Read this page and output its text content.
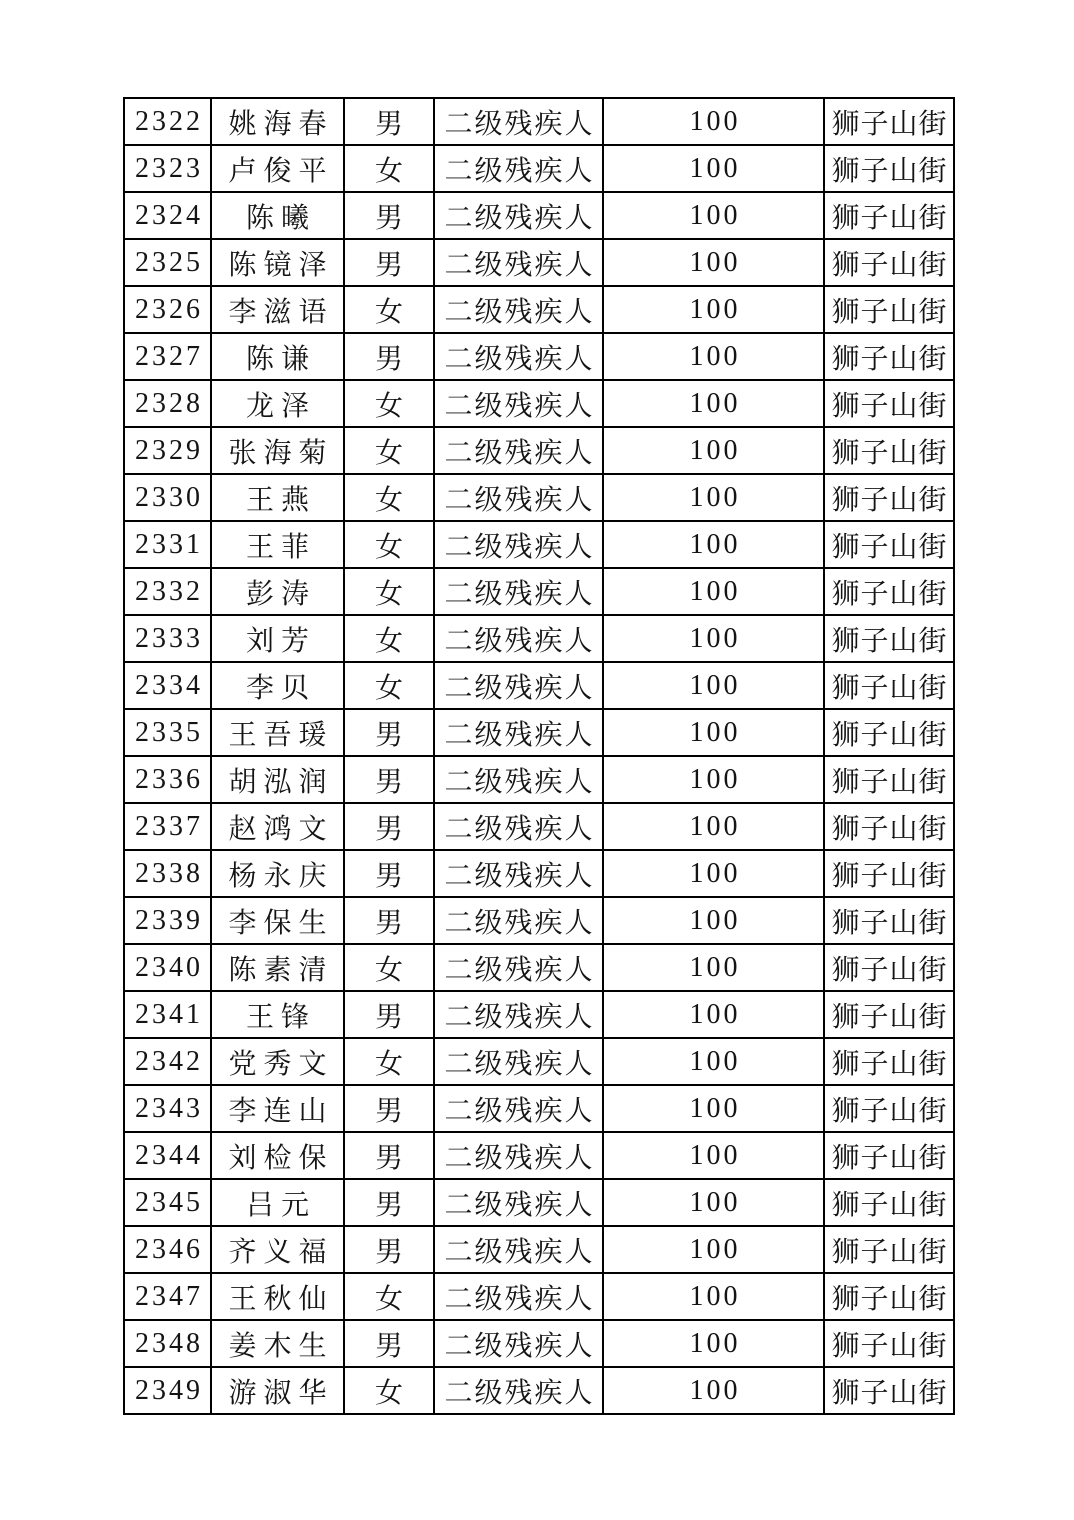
2322	姚海春	男	二级残疾人	100	狮子山街
2323	卢俊平	女	二级残疾人	100	狮子山街
2324	陈曦	男	二级残疾人	100	狮子山街
2325	陈镜泽	男	二级残疾人	100	狮子山街
2326	李滋语	女	二级残疾人	100	狮子山街
2327	陈谦	男	二级残疾人	100	狮子山街
2328	龙泽	女	二级残疾人	100	狮子山街
2329	张海菊	女	二级残疾人	100	狮子山街
2330	王燕	女	二级残疾人	100	狮子山街
2331	王菲	女	二级残疾人	100	狮子山街
2332	彭涛	女	二级残疾人	100	狮子山街
2333	刘芳	女	二级残疾人	100	狮子山街
2334	李贝	女	二级残疾人	100	狮子山街
2335	王吾瑗	男	二级残疾人	100	狮子山街
2336	胡泓润	男	二级残疾人	100	狮子山街
2337	赵鸿文	男	二级残疾人	100	狮子山街
2338	杨永庆	男	二级残疾人	100	狮子山街
2339	李保生	男	二级残疾人	100	狮子山街
2340	陈素清	女	二级残疾人	100	狮子山街
2341	王锋	男	二级残疾人	100	狮子山街
2342	党秀文	女	二级残疾人	100	狮子山街
2343	李连山	男	二级残疾人	100	狮子山街
2344	刘检保	男	二级残疾人	100	狮子山街
2345	吕元	男	二级残疾人	100	狮子山街
2346	齐义福	男	二级残疾人	100	狮子山街
2347	王秋仙	女	二级残疾人	100	狮子山街
2348	姜木生	男	二级残疾人	100	狮子山街
2349	游淑华	女	二级残疾人	100	狮子山街
